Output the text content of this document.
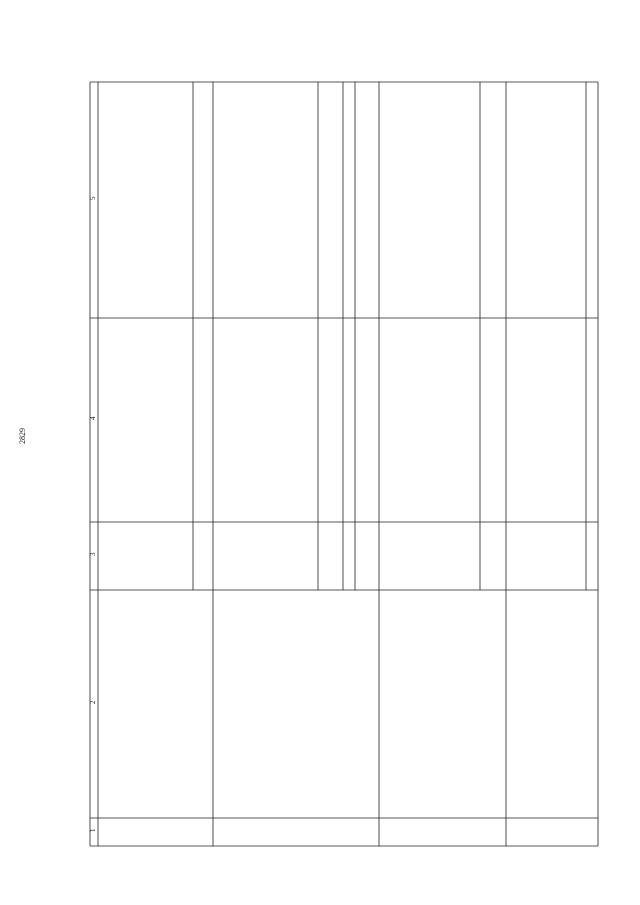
2829
1
2
3
4
5
